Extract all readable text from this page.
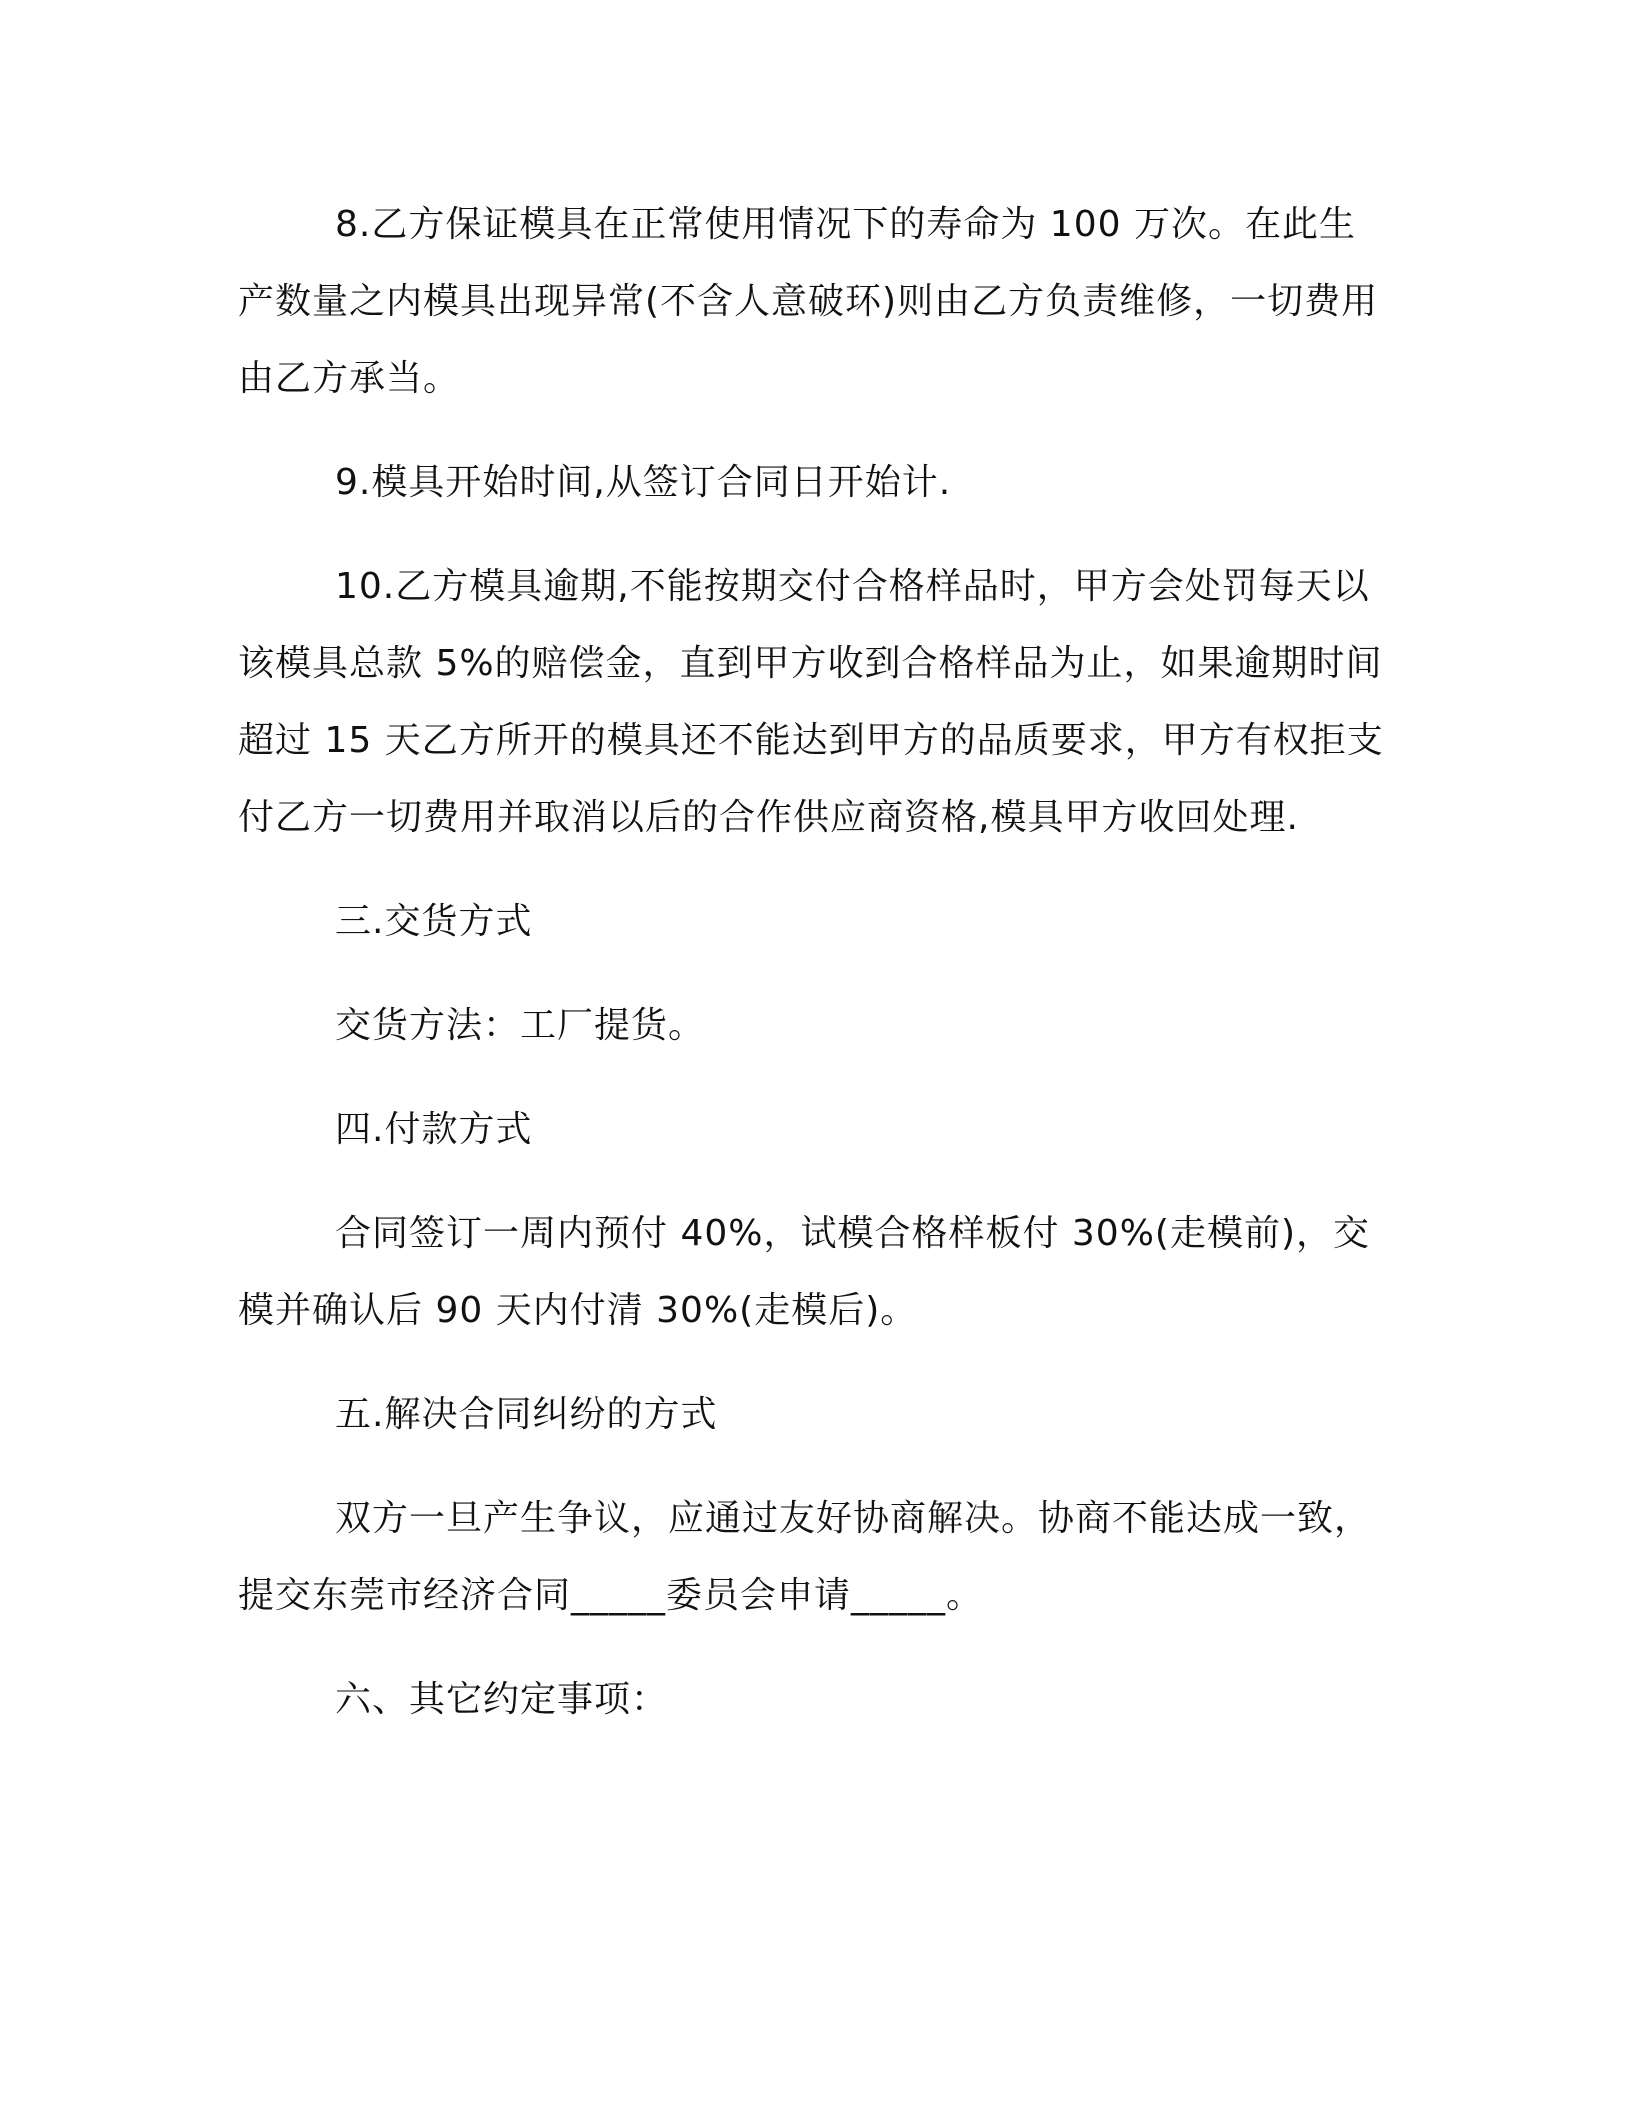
8.乙方保证模具在正常使用情况下的寿命为 100 万次。在此生产数量之内模具出现异常(不含人意破环)则由乙方负责维修，一切费用由乙方承当。

9.模具开始时间,从签订合同日开始计.

10.乙方模具逾期,不能按期交付合格样品时，甲方会处罚每天以该模具总款 5%的赔偿金，直到甲方收到合格样品为止，如果逾期时间超过 15 天乙方所开的模具还不能达到甲方的品质要求，甲方有权拒支付乙方一切费用并取消以后的合作供应商资格,模具甲方收回处理.

三.交货方式

交货方法：工厂提货。

四.付款方式

合同签订一周内预付 40%，试模合格样板付 30%(走模前)，交模并确认后 90 天内付清 30%(走模后)。

五.解决合同纠纷的方式

双方一旦产生争议，应通过友好协商解决。协商不能达成一致，提交东莞市经济合同_____委员会申请_____。

六、其它约定事项：
